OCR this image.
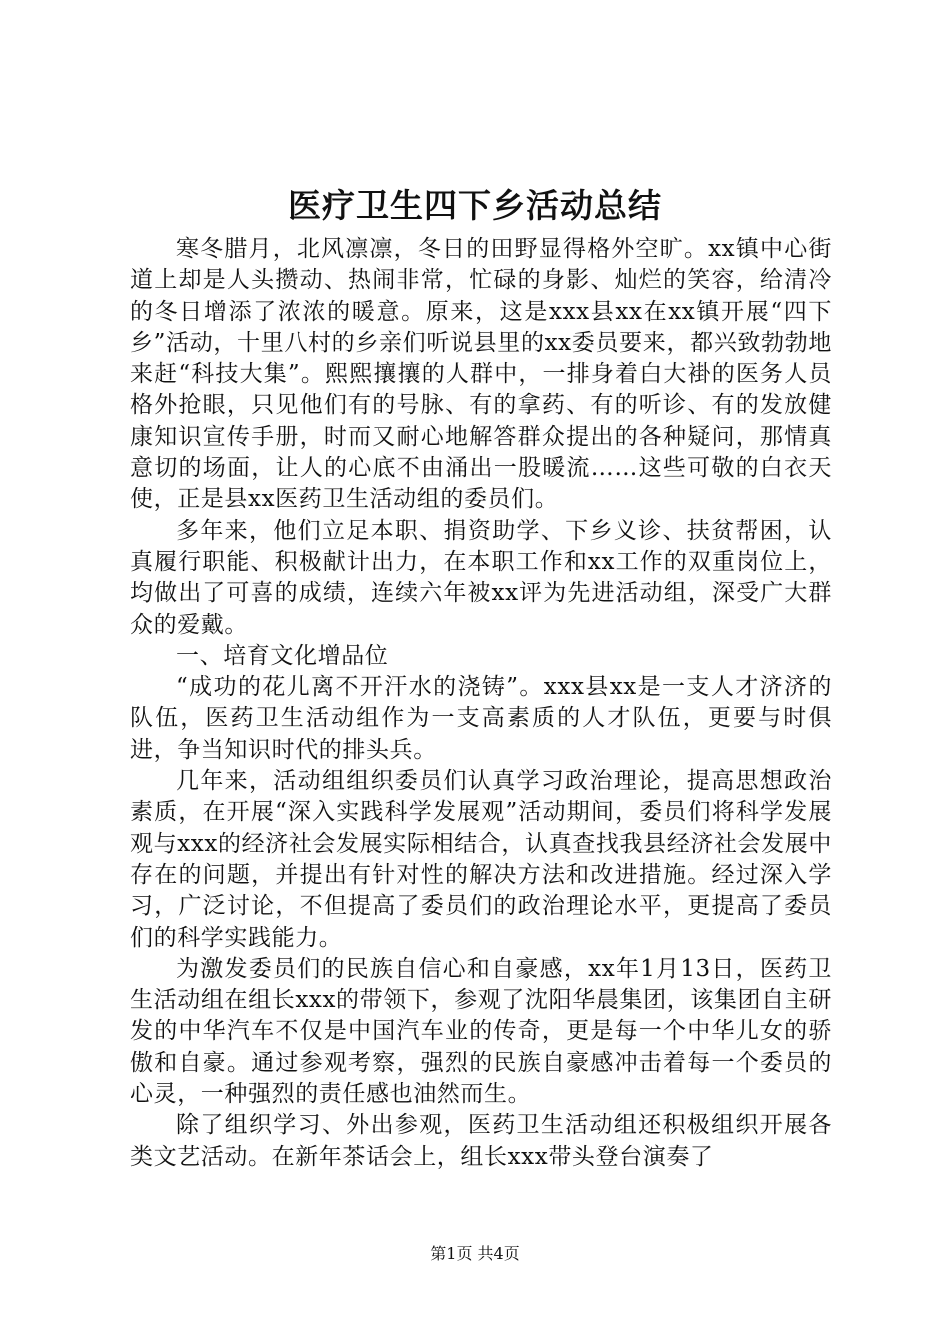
医疗卫生四下乡活动总结

寒冬腊月，北风凛凛，冬日的田野显得格外空旷。xx镇中心街道上却是人头攒动、热闹非常，忙碌的身影、灿烂的笑容，给清冷的冬日增添了浓浓的暖意。原来，这是xxx县xx在xx镇开展“四下乡”活动，十里八村的乡亲们听说县里的xx委员要来，都兴致勃勃地来赶“科技大集”。熙熙攘攘的人群中，一排身着白大褂的医务人员格外抢眼，只见他们有的号脉、有的拿药、有的听诊、有的发放健康知识宣传手册，时而又耐心地解答群众提出的各种疑问，那情真意切的场面，让人的心底不由涌出一股暖流……这些可敬的白衣天使，正是县xx医药卫生活动组的委员们。

多年来，他们立足本职、捐资助学、下乡义诊、扶贫帮困，认真履行职能、积极献计出力，在本职工作和xx工作的双重岗位上，均做出了可喜的成绩，连续六年被xx评为先进活动组，深受广大群众的爱戴。

一、培育文化增品位

“成功的花儿离不开汗水的浇铸”。xxx县xx是一支人才济济的队伍，医药卫生活动组作为一支高素质的人才队伍，更要与时俱进，争当知识时代的排头兵。

几年来，活动组组织委员们认真学习政治理论，提高思想政治素质，在开展“深入实践科学发展观”活动期间，委员们将科学发展观与xxx的经济社会发展实际相结合，认真查找我县经济社会发展中存在的问题，并提出有针对性的解决方法和改进措施。经过深入学习，广泛讨论，不但提高了委员们的政治理论水平，更提高了委员们的科学实践能力。

为激发委员们的民族自信心和自豪感，xx年1月13日，医药卫生活动组在组长xxx的带领下，参观了沈阳华晨集团，该集团自主研发的中华汽车不仅是中国汽车业的传奇，更是每一个中华儿女的骄傲和自豪。通过参观考察，强烈的民族自豪感冲击着每一个委员的心灵，一种强烈的责任感也油然而生。

除了组织学习、外出参观，医药卫生活动组还积极组织开展各类文艺活动。在新年茶话会上，组长xxx带头登台演奏了

第1页 共4页
